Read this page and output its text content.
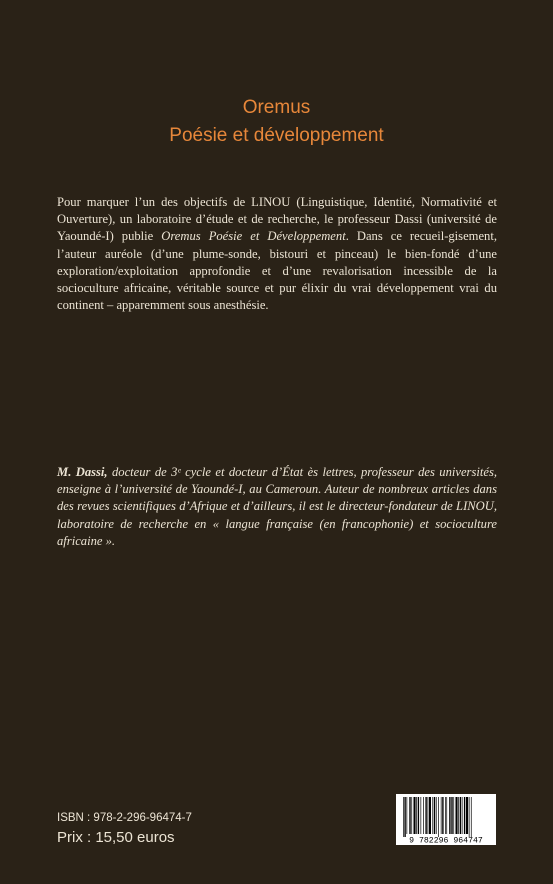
Oremus
Poésie et développement

Pour marquer l’un des objectifs de LINOU (Linguistique, Identité, Normativité et Ouverture), un laboratoire d’étude et de recherche, le professeur Dassi (université de Yaoundé-I) publie Oremus Poésie et Développement. Dans ce recueil-gisement, l’auteur auréole (d’une plume-sonde, bistouri et pinceau) le bien-fondé d’une exploration/exploitation approfondie et d’une revalorisation incessible de la socioculture africaine, véritable source et pur élixir du vrai développement vrai du continent – apparemment sous anesthésie.

M. Dassi, docteur de 3ᵉ cycle et docteur d’État ès lettres, professeur des universités, enseigne à l’université de Yaoundé-I, au Cameroun. Auteur de nombreux articles dans des revues scientifiques d’Afrique et d’ailleurs, il est le directeur-fondateur de LINOU, laboratoire de recherche en « langue française (en francophonie) et socioculture africaine ».

ISBN : 978-2-296-96474-7
Prix : 15,50 euros	9 782296 964747
